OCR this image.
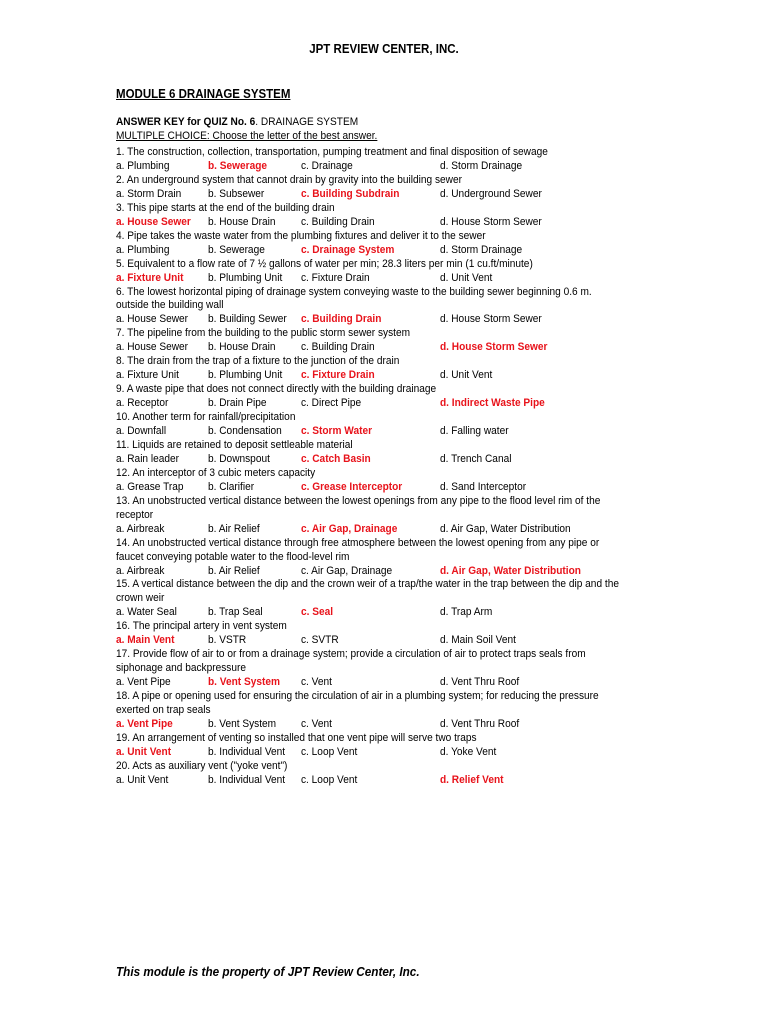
JPT REVIEW CENTER, INC.
MODULE 6 DRAINAGE SYSTEM
ANSWER KEY for QUIZ No. 6. DRAINAGE SYSTEM
MULTIPLE CHOICE: Choose the letter of the best answer.
1. The construction, collection, transportation, pumping treatment and final disposition of sewage
a. Plumbing	b. Sewerage	c. Drainage	d. Storm Drainage
2. An underground system that cannot drain by gravity into the building sewer
a. Storm Drain b. Subsewer	c. Building Subdrain	d. Underground Sewer
3. This pipe starts at the end of the building drain
a. House Sewer b. House Drain c. Building Drain	d. House Storm Sewer
4. Pipe takes the waste water from the plumbing fixtures and deliver it to the sewer
a. Plumbing	b. Sewerage	c. Drainage System	d. Storm Drainage
5. Equivalent to a flow rate of 7 ½ gallons of water per min; 28.3 liters per min (1 cu.ft/minute)
a. Fixture Unit b. Plumbing Unit c. Fixture Drain	d. Unit Vent
6. The lowest horizontal piping of drainage system conveying waste to the building sewer beginning 0.6 m.
outside the building wall
a. House Sewer b. Building Sewer c. Building Drain	d. House Storm Sewer
7. The pipeline from the building to the public storm sewer system
a. House Sewer b. House Drain c. Building Drain	d. House Storm Sewer
8. The drain from the trap of a fixture to the junction of the drain
a. Fixture Unit	b. Plumbing Unit c. Fixture Drain	d. Unit Vent
9. A waste pipe that does not connect directly with the building drainage
a. Receptor	b. Drain Pipe	c. Direct Pipe	d. Indirect Waste Pipe
10. Another term for rainfall/precipitation
a. Downfall	b. Condensation c. Storm Water	d. Falling water
11. Liquids are retained to deposit settleable material
a. Rain leader	b. Downspout	c. Catch Basin	d. Trench Canal
12. An interceptor of 3 cubic meters capacity
a. Grease Trap b. Clarifier	c. Grease Interceptor	d. Sand Interceptor
13. An unobstructed vertical distance between the lowest openings from any pipe to the flood level rim of the
receptor
a. Airbreak	b. Air Relief	c. Air Gap, Drainage	d. Air Gap, Water Distribution
14. An unobstructed vertical distance through free atmosphere between the lowest opening from any pipe or
faucet conveying potable water to the flood-level rim
a. Airbreak	b. Air Relief	c. Air Gap, Drainage	d. Air Gap, Water Distribution
15. A vertical distance between the dip and the crown weir of a trap/the water in the trap between the dip and the
crown weir
a. Water Seal	b. Trap Seal	c. Seal	d. Trap Arm
16. The principal artery in vent system
a. Main Vent	b. VSTR	c. SVTR	d. Main Soil Vent
17. Provide flow of air to or from a drainage system; provide a circulation of air to protect traps seals from
siphonage and backpressure
a. Vent Pipe	b. Vent System c. Vent	d. Vent Thru Roof
18. A pipe or opening used for ensuring the circulation of air in a plumbing system; for reducing the pressure
exerted on trap seals
a. Vent Pipe	b. Vent System c. Vent	d. Vent Thru Roof
19. An arrangement of venting so installed that one vent pipe will serve two traps
a. Unit Vent	b. Individual Vent c. Loop Vent	d. Yoke Vent
20. Acts as auxiliary vent ("yoke vent")
a. Unit Vent	b. Individual Vent c. Loop Vent	d. Relief Vent
This module is the property of JPT Review Center, Inc.
